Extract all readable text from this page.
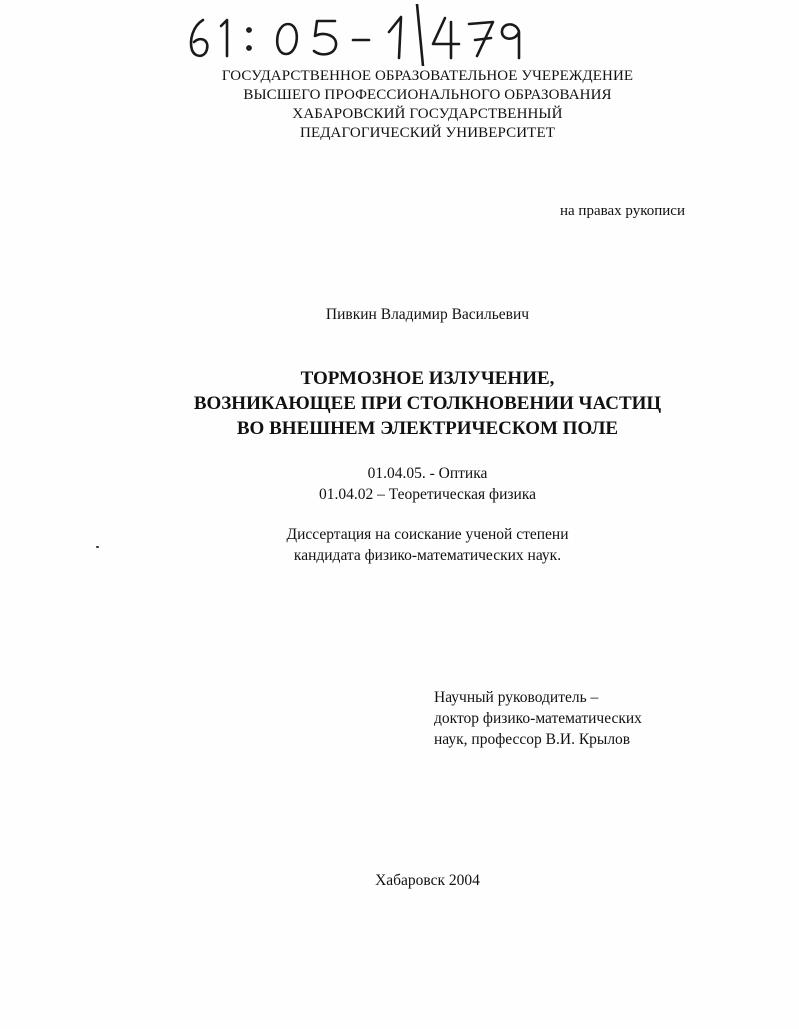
ГОСУДАРСТВЕННОЕ ОБРАЗОВАТЕЛЬНОЕ УЧЕРЕЖДЕНИЕ
ВЫСШЕГО ПРОФЕССИОНАЛЬНОГО ОБРАЗОВАНИЯ
ХАБАРОВСКИЙ ГОСУДАРСТВЕННЫЙ
ПЕДАГОГИЧЕСКИЙ УНИВЕРСИТЕТ
на правах рукописи
Пивкин Владимир Васильевич
ТОРМОЗНОЕ ИЗЛУЧЕНИЕ,
ВОЗНИКАЮЩЕЕ ПРИ СТОЛКНОВЕНИИ ЧАСТИЦ
ВО ВНЕШНЕМ ЭЛЕКТРИЧЕСКОМ ПОЛЕ
01.04.05. - Оптика
01.04.02 – Теоретическая физика
Диссертация на соискание ученой степени
кандидата физико-математических наук.
Научный руководитель –
доктор физико-математических
наук, профессор В.И. Крылов
Хабаровск 2004
